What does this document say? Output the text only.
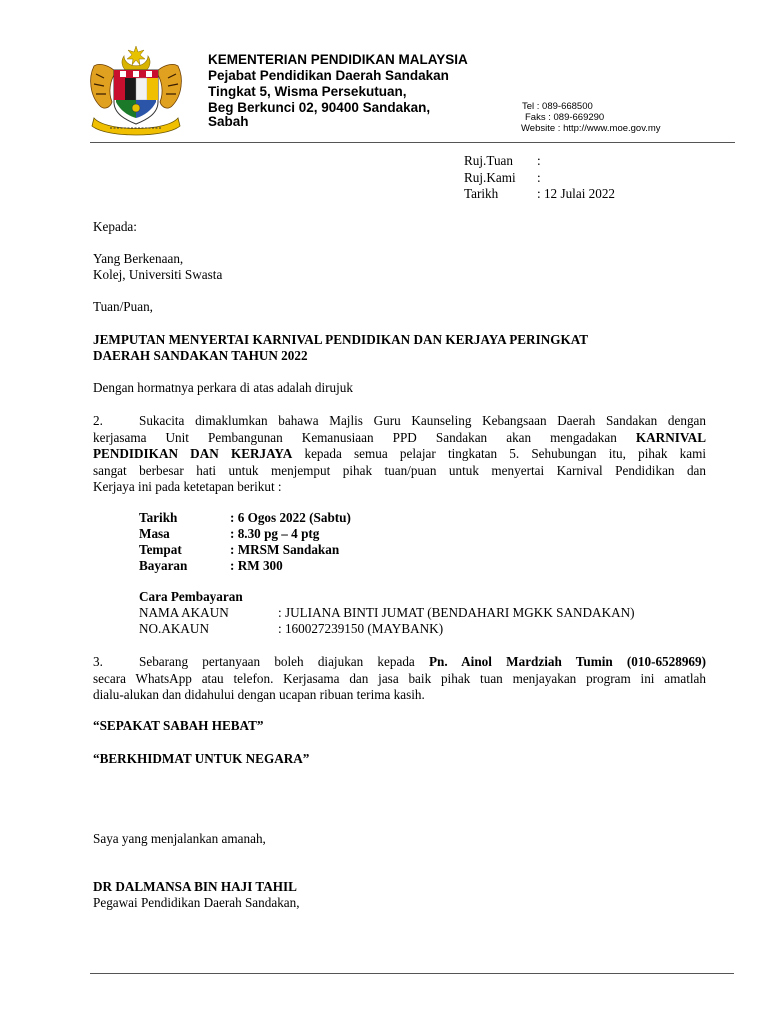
KEMENTERIAN PENDIDIKAN MALAYSIA
Pejabat Pendidikan Daerah Sandakan
Tingkat 5, Wisma Persekutuan,
Beg Berkunci 02, 90400 Sandakan,
Sabah
Tel : 089-668500
Faks : 089-669290
Website : http://www.moe.gov.my
Ruj.Tuan :
Ruj.Kami :
Tarikh	: 12 Julai 2022
Kepada:
Yang Berkenaan,
Kolej, Universiti Swasta
Tuan/Puan,
JEMPUTAN MENYERTAI KARNIVAL PENDIDIKAN DAN KERJAYA PERINGKAT
DAERAH SANDAKAN TAHUN 2022
Dengan hormatnya perkara di atas adalah dirujuk
2.	Sukacita dimaklumkan bahawa Majlis Guru Kaunseling Kebangsaan Daerah Sandakan dengan
kerjasama Unit Pembangunan Kemanusiaan PPD Sandakan akan mengadakan KARNIVAL
PENDIDIKAN DAN KERJAYA kepada semua pelajar tingkatan 5. Sehubungan itu, pihak kami
sangat berbesar hati untuk menjemput pihak tuan/puan untuk menyertai Karnival Pendidikan dan
Kerjaya ini pada ketetapan berikut :
Tarikh	: 6 Ogos 2022 (Sabtu)
Masa	: 8.30 pg – 4 ptg
Tempat	: MRSM Sandakan
Bayaran	: RM 300
Cara Pembayaran
NAMA AKAUN	: JULIANA BINTI JUMAT (BENDAHARI MGKK SANDAKAN)
NO.AKAUN	: 160027239150 (MAYBANK)
3.	Sebarang pertanyaan boleh diajukan kepada Pn. Ainol Mardziah Tumin (010-6528969)
secara WhatsApp atau telefon. Kerjasama dan jasa baik pihak tuan menjayakan program ini amatlah
dialu-alukan dan didahului dengan ucapan ribuan terima kasih.
“SEPAKAT SABAH HEBAT”
“BERKHIDMAT UNTUK NEGARA”
Saya yang menjalankan amanah,
DR DALMANSA BIN HAJI TAHIL
Pegawai Pendidikan Daerah Sandakan,
